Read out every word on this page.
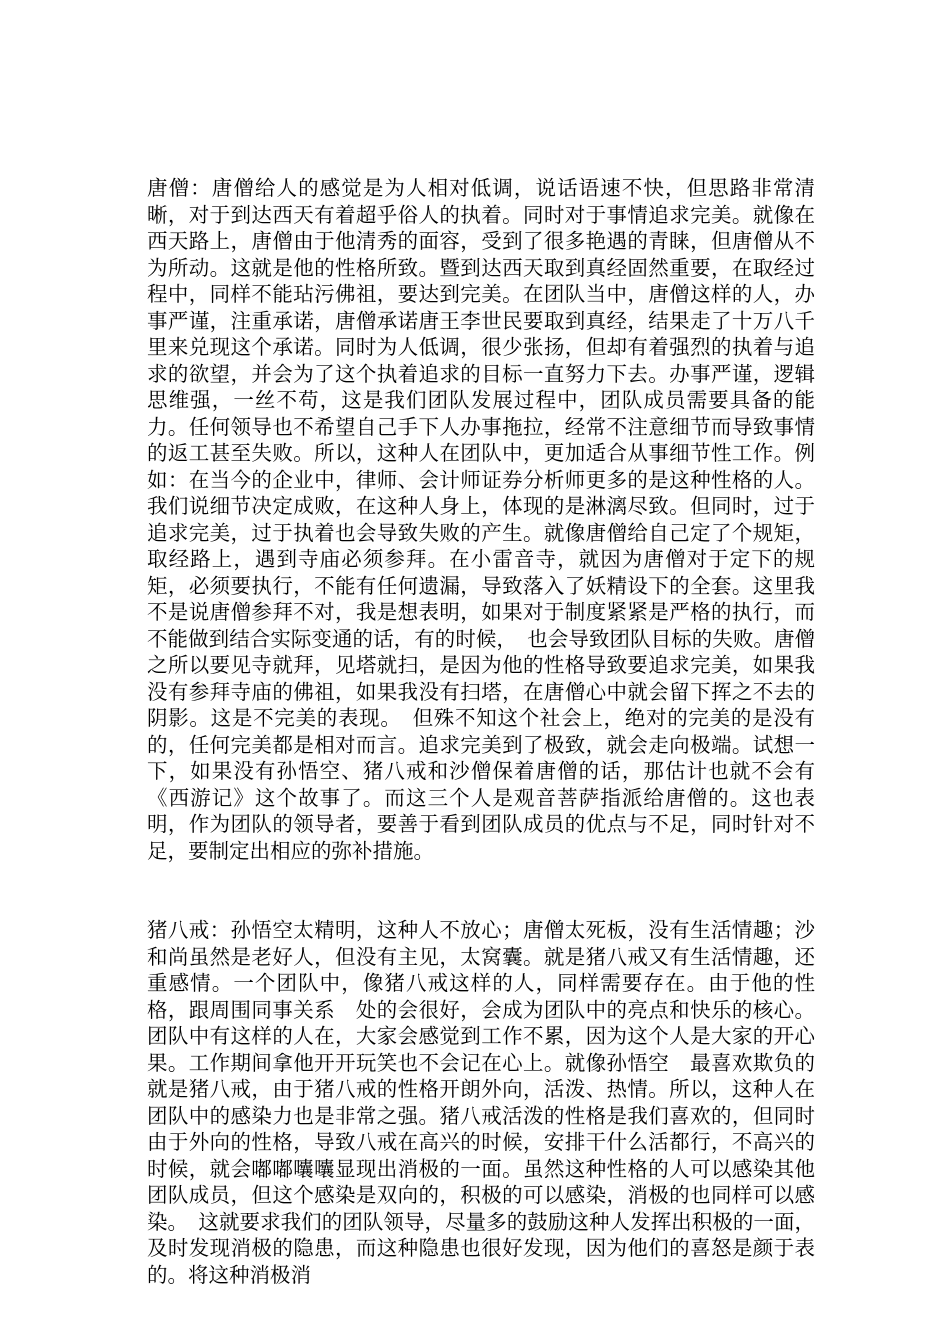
唐僧：唐僧给人的感觉是为人相对低调，说话语速不快，但思路非常清晰，对于到达西天有着超乎俗人的执着。同时对于事情追求完美。就像在西天路上，唐僧由于他清秀的面容，受到了很多艳遇的青睐，但唐僧从不为所动。这就是他的性格所致。暨到达西天取到真经固然重要，在取经过程中，同样不能玷污佛祖，要达到完美。在团队当中，唐僧这样的人，办事严谨，注重承诺，唐僧承诺唐王李世民要取到真经，结果走了十万八千里来兑现这个承诺。同时为人低调，很少张扬，但却有着强烈的执着与追求的欲望，并会为了这个执着追求的目标一直努力下去。办事严谨，逻辑思维强，一丝不苟，这是我们团队发展过程中，团队成员需要具备的能力。任何领导也不希望自己手下人办事拖拉，经常不注意细节而导致事情的返工甚至失败。所以，这种人在团队中，更加适合从事细节性工作。例如：在当今的企业中，律师、会计师证券分析师更多的是这种性格的人。我们说细节决定成败，在这种人身上，体现的是淋漓尽致。但同时，过于追求完美，过于执着也会导致失败的产生。就像唐僧给自己定了个规矩，取经路上，遇到寺庙必须参拜。在小雷音寺，就因为唐僧对于定下的规矩，必须要执行，不能有任何遗漏，导致落入了妖精设下的全套。这里我不是说唐僧参拜不对，我是想表明，如果对于制度紧紧是严格的执行，而不能做到结合实际变通的话，有的时候，　也会导致团队目标的失败。唐僧之所以要见寺就拜，见塔就扫，是因为他的性格导致要追求完美，如果我没有参拜寺庙的佛祖，如果我没有扫塔，在唐僧心中就会留下挥之不去的阴影。这是不完美的表现。　但殊不知这个社会上，绝对的完美的是没有的，任何完美都是相对而言。追求完美到了极致，就会走向极端。试想一下，如果没有孙悟空、猪八戒和沙僧保着唐僧的话，那估计也就不会有《西游记》这个故事了。而这三个人是观音菩萨指派给唐僧的。这也表明，作为团队的领导者，要善于看到团队成员的优点与不足，同时针对不足，要制定出相应的弥补措施。

猪八戒：孙悟空太精明，这种人不放心；唐僧太死板，没有生活情趣；沙和尚虽然是老好人，但没有主见，太窝囊。就是猪八戒又有生活情趣，还重感情。一个团队中，像猪八戒这样的人，同样需要存在。由于他的性格，跟周围同事关系　处的会很好，会成为团队中的亮点和快乐的核心。团队中有这样的人在，大家会感觉到工作不累，因为这个人是大家的开心果。工作期间拿他开开玩笑也不会记在心上。就像孙悟空　最喜欢欺负的就是猪八戒，由于猪八戒的性格开朗外向，活泼、热情。所以，这种人在团队中的感染力也是非常之强。猪八戒活泼的性格是我们喜欢的，但同时由于外向的性格，导致八戒在高兴的时候，安排干什么活都行，不高兴的时候，就会嘟嘟囔囔显现出消极的一面。虽然这种性格的人可以感染其他团队成员，但这个感染是双向的，积极的可以感染，消极的也同样可以感染。　这就要求我们的团队领导，尽量多的鼓励这种人发挥出积极的一面，及时发现消极的隐患，而这种隐患也很好发现，因为他们的喜怒是颜于表的。将这种消极消
